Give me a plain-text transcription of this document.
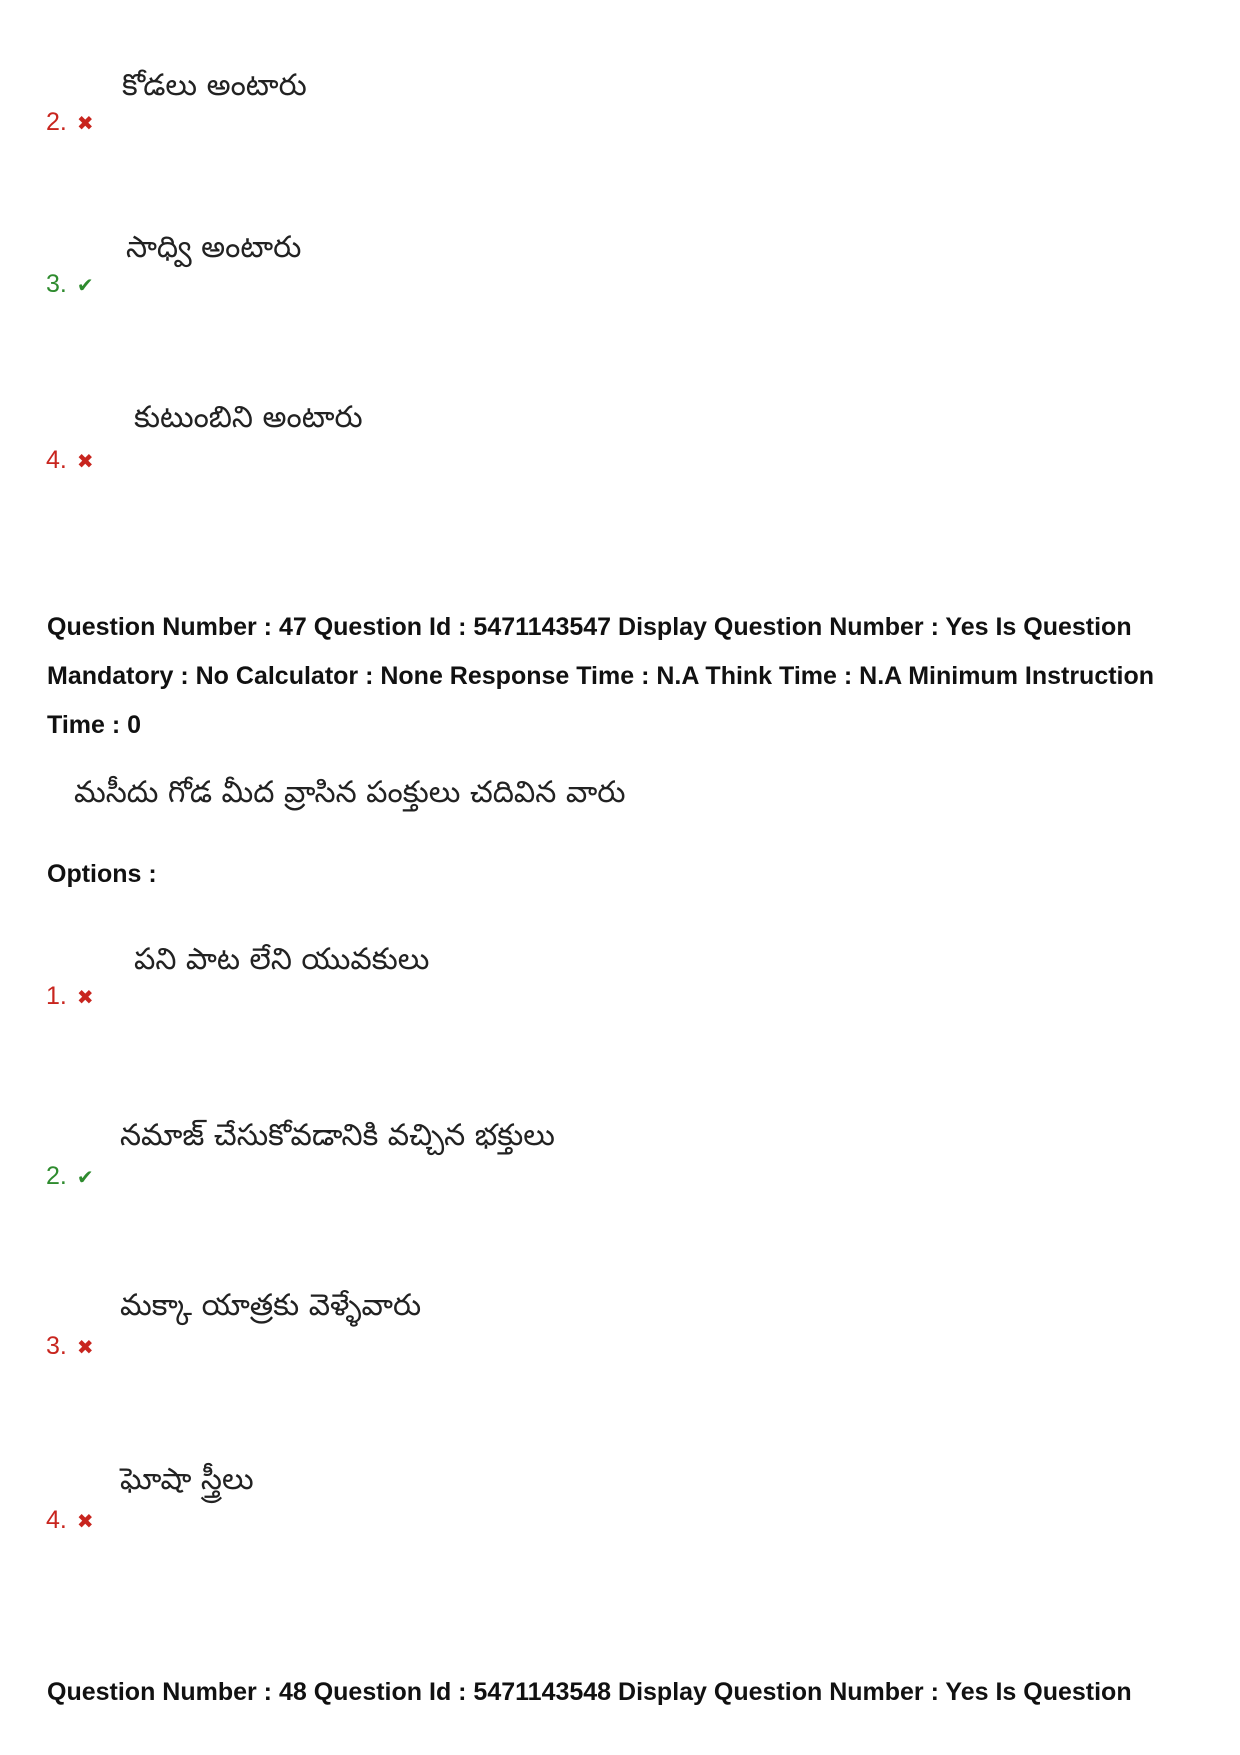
కోడలు అంటారు
2. ✖
సాధ్వి అంటారు
3. ✔
కుటుంబిని అంటారు
4. ✖
Question Number : 47 Question Id : 5471143547 Display Question Number : Yes Is Question Mandatory : No Calculator : None Response Time : N.A Think Time : N.A Minimum Instruction Time : 0
మసీదు గోడ మీద వ్రాసిన పంక్తులు చదివిన వారు
Options :
పని పాట లేని యువకులు
1. ✖
నమాజ్ చేసుకోవడానికి వచ్చిన భక్తులు
2. ✔
మక్కా యాత్రకు వెళ్ళేవారు
3. ✖
ఘోషా స్త్రీలు
4. ✖
Question Number : 48 Question Id : 5471143548 Display Question Number : Yes Is Question
